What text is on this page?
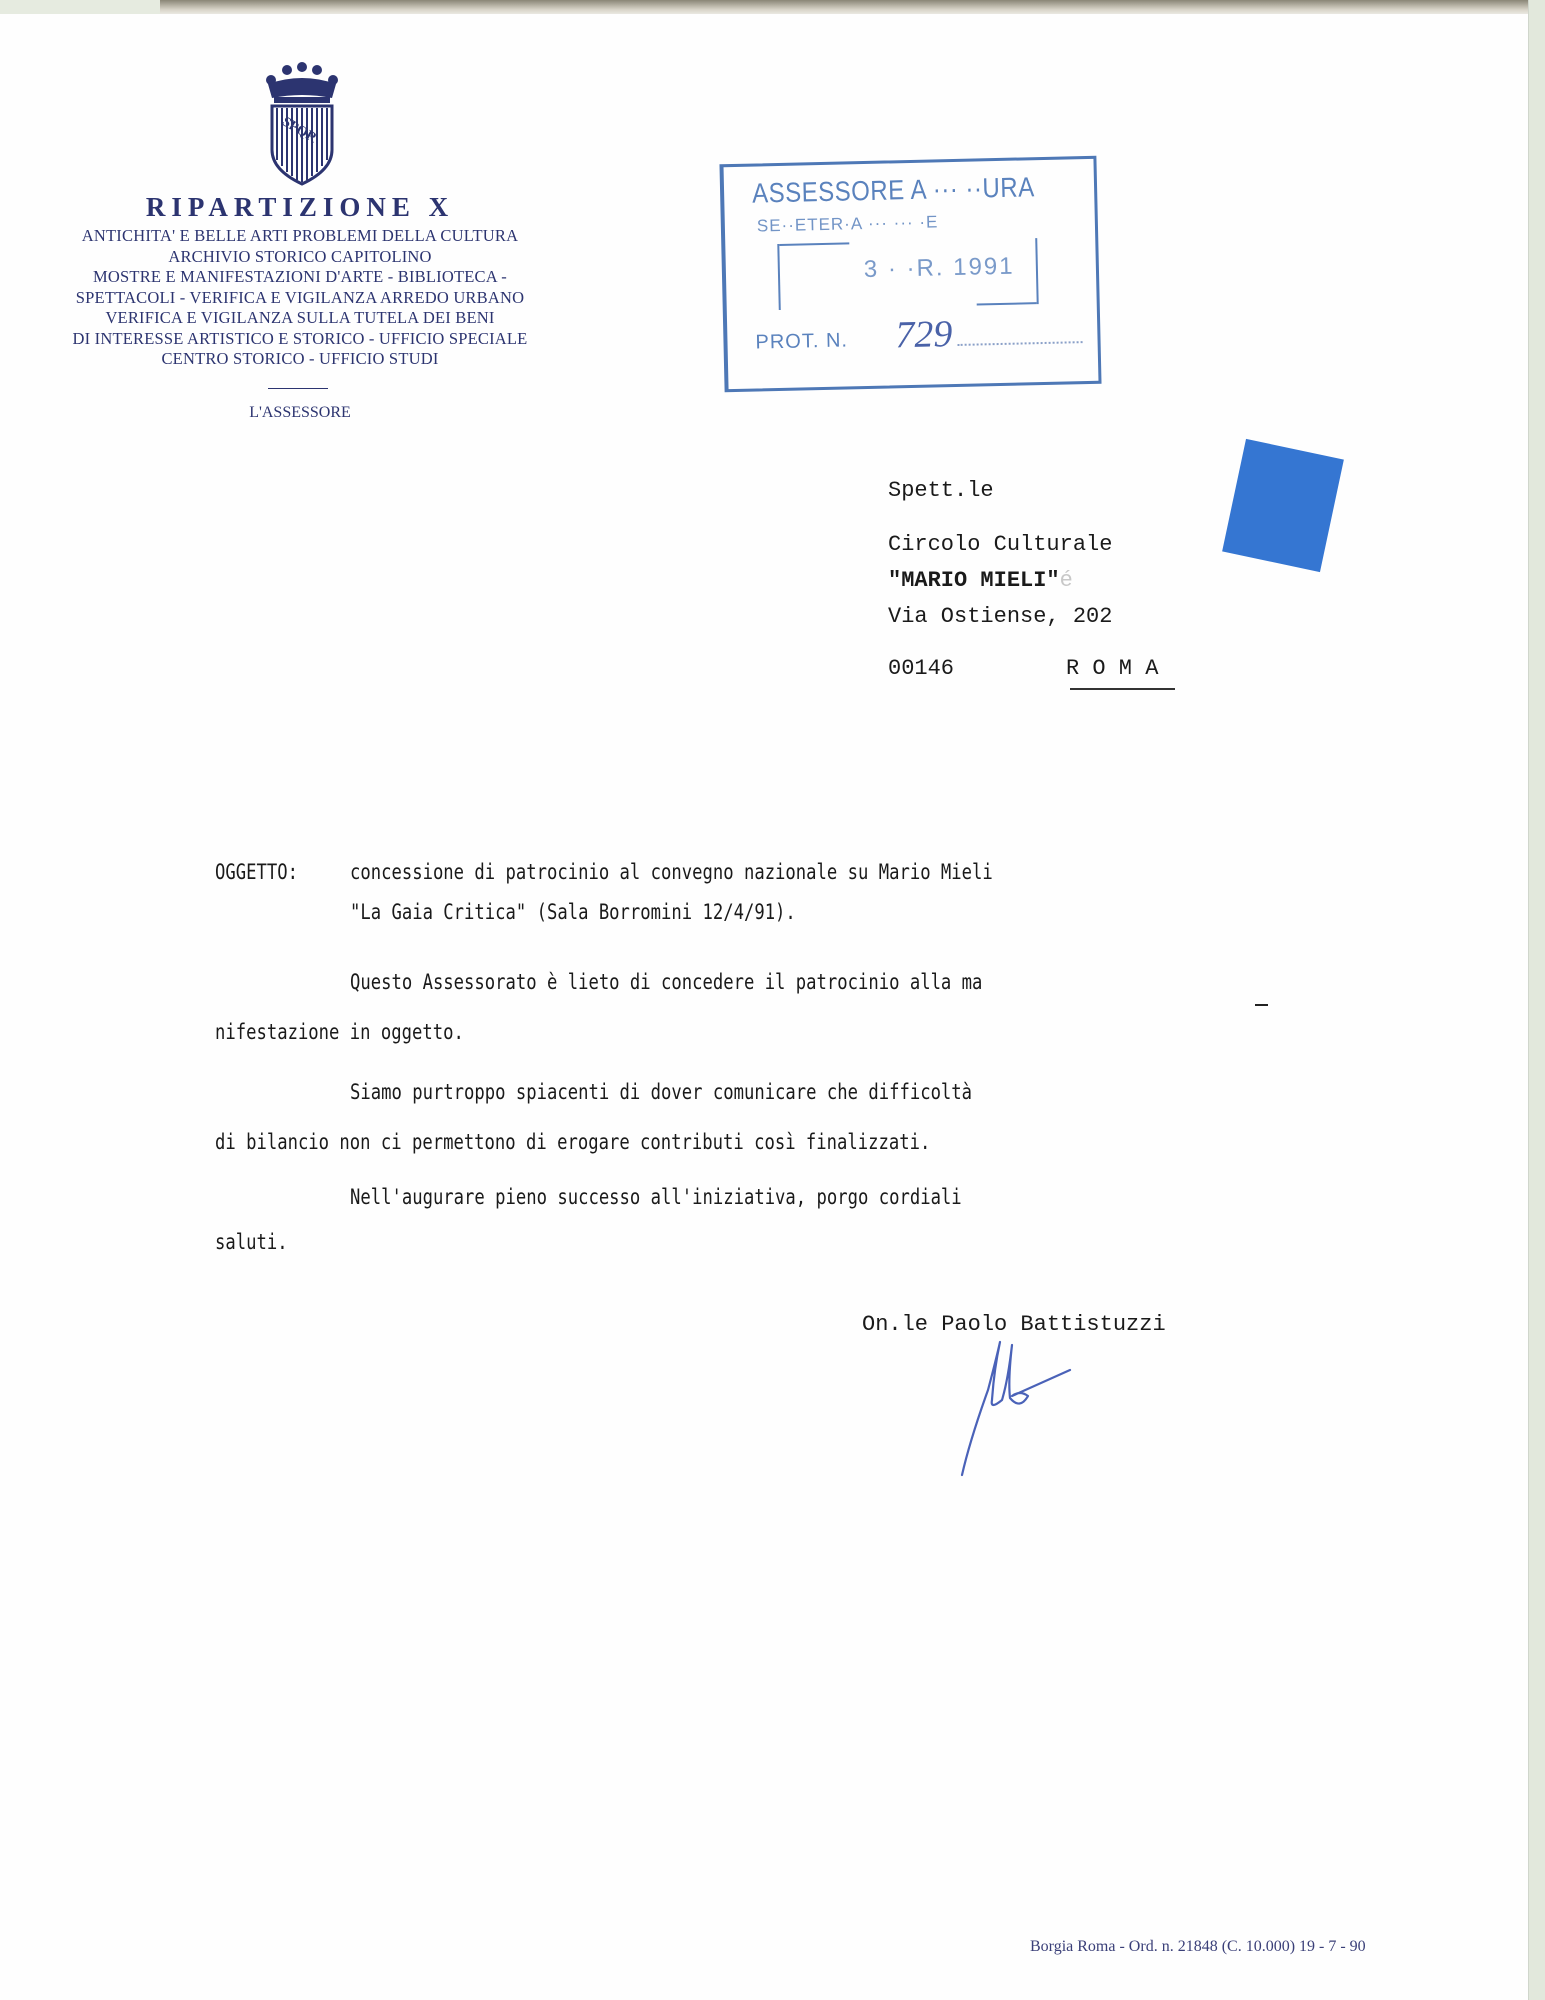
SPQR
RIPARTIZIONE X
ANTICHITA' E BELLE ARTI PROBLEMI DELLA CULTURA
ARCHIVIO STORICO CAPITOLINO
MOSTRE E MANIFESTAZIONI D'ARTE - BIBLIOTECA -
SPETTACOLI - VERIFICA E VIGILANZA ARREDO URBANO
VERIFICA E VIGILANZA SULLA TUTELA DEI BENI
DI INTERESSE ARTISTICO E STORICO - UFFICIO SPECIALE
CENTRO STORICO - UFFICIO STUDI
L'ASSESSORE
ASSESSORE A ··· ··URA
SE··ETER·A ··· ··· ·E
3 · ·R. 1991
PROT. N. 729
Spett.le
Circolo Culturale
"MARIO MIELI"é
Via Ostiense, 202
00146	R O M A
OGGETTO: concessione di patrocinio al convegno nazionale su Mario Mieli
"La Gaia Critica" (Sala Borromini 12/4/91).
Questo Assessorato è lieto di concedere il patrocinio alla ma
nifestazione in oggetto.
Siamo purtroppo spiacenti di dover comunicare che difficoltà
di bilancio non ci permettono di erogare contributi così finalizzati.
Nell'augurare pieno successo all'iniziativa, porgo cordiali
saluti.
On.le Paolo Battistuzzi
Borgia Roma - Ord. n. 21848 (C. 10.000) 19 - 7 - 90
